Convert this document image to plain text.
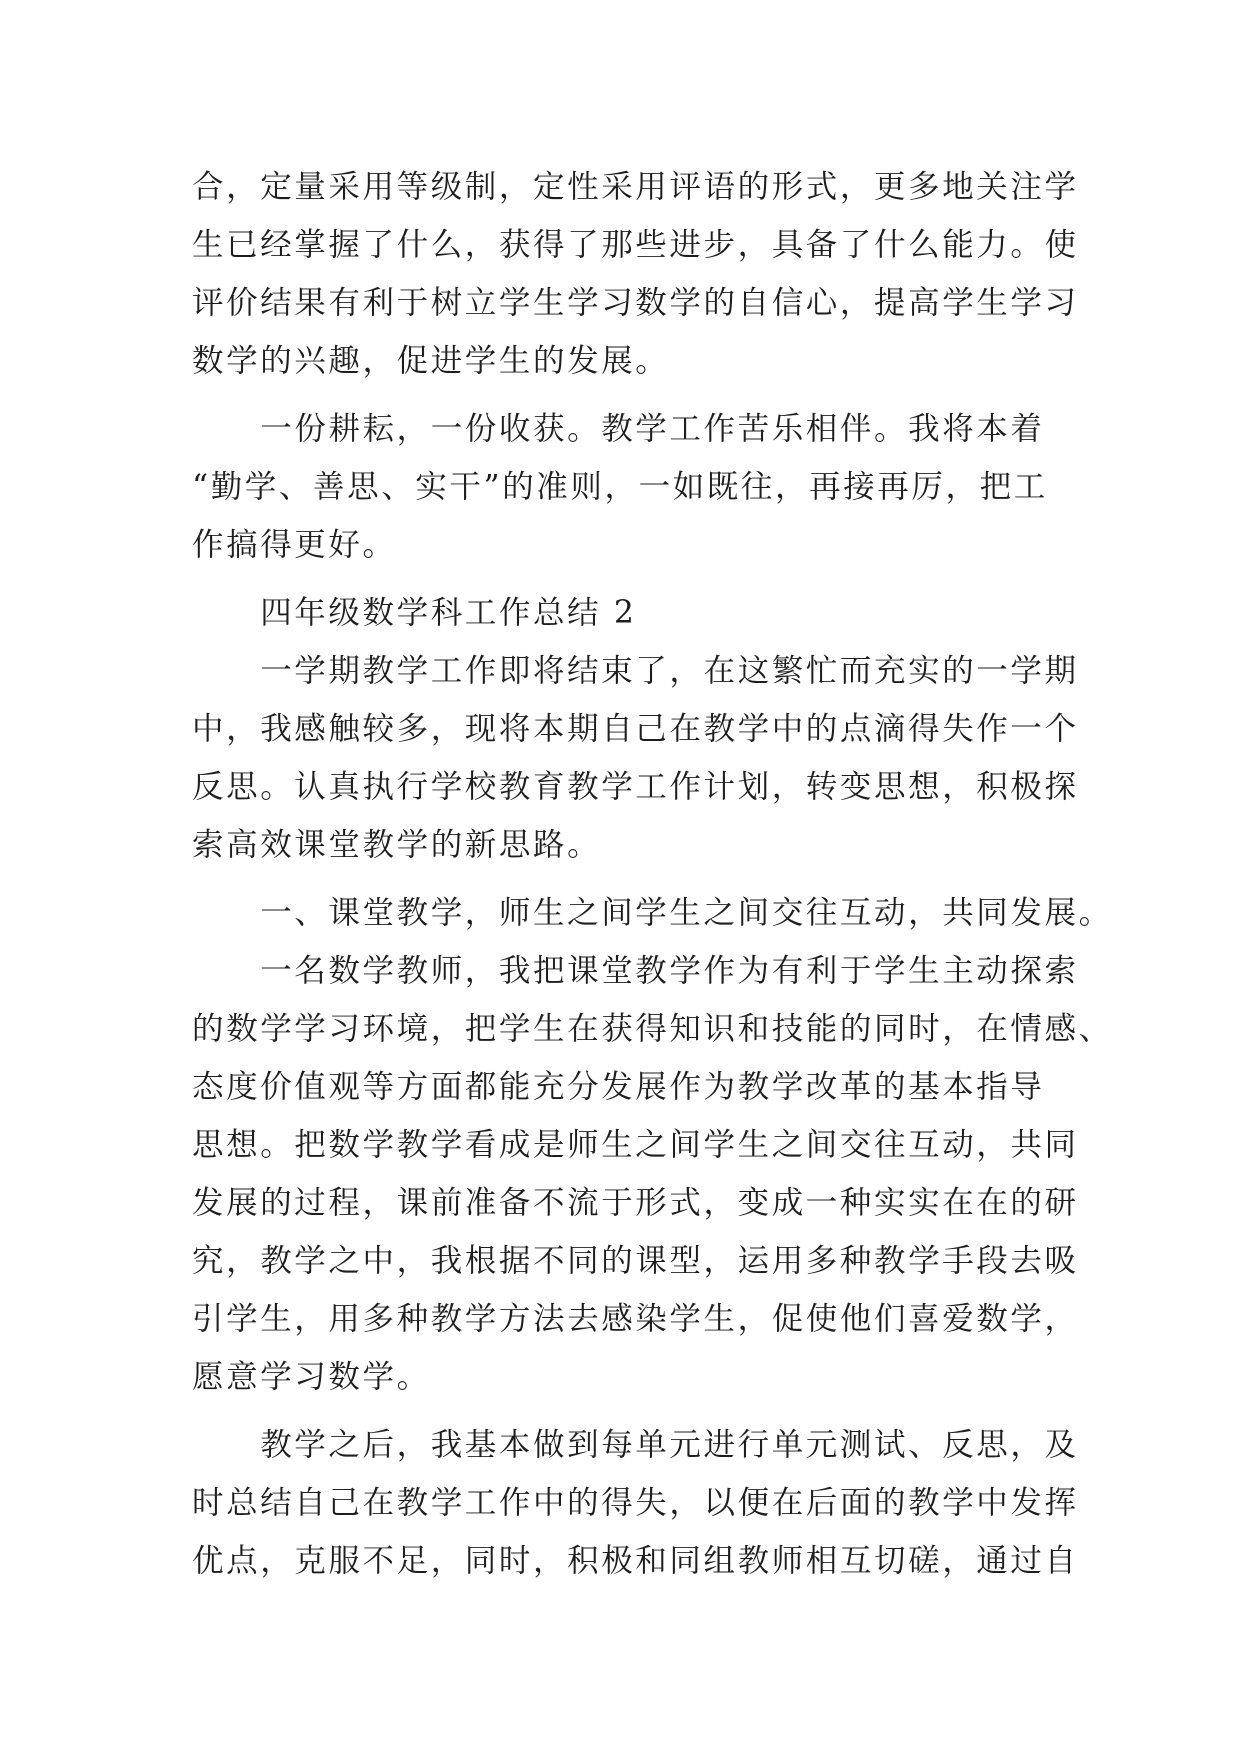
合，定量采用等级制，定性采用评语的形式，更多地关注学
生已经掌握了什么，获得了那些进步，具备了什么能力。使
评价结果有利于树立学生学习数学的自信心，提高学生学习
数学的兴趣，促进学生的发展。
　　一份耕耘，一份收获。教学工作苦乐相伴。我将本着
“勤学、善思、实干”的准则，一如既往，再接再厉，把工
作搞得更好。
　　四年级数学科工作总结 2
　　一学期教学工作即将结束了，在这繁忙而充实的一学期
中，我感触较多，现将本期自己在教学中的点滴得失作一个
反思。认真执行学校教育教学工作计划，转变思想，积极探
索高效课堂教学的新思路。
　　一、课堂教学，师生之间学生之间交往互动，共同发展。
　　一名数学教师，我把课堂教学作为有利于学生主动探索
的数学学习环境，把学生在获得知识和技能的同时，在情感、
态度价值观等方面都能充分发展作为教学改革的基本指导
思想。把数学教学看成是师生之间学生之间交往互动，共同
发展的过程，课前准备不流于形式，变成一种实实在在的研
究，教学之中，我根据不同的课型，运用多种教学手段去吸
引学生，用多种教学方法去感染学生，促使他们喜爱数学，
愿意学习数学。
　　教学之后，我基本做到每单元进行单元测试、反思，及
时总结自己在教学工作中的得失，以便在后面的教学中发挥
优点，克服不足，同时，积极和同组教师相互切磋，通过自
